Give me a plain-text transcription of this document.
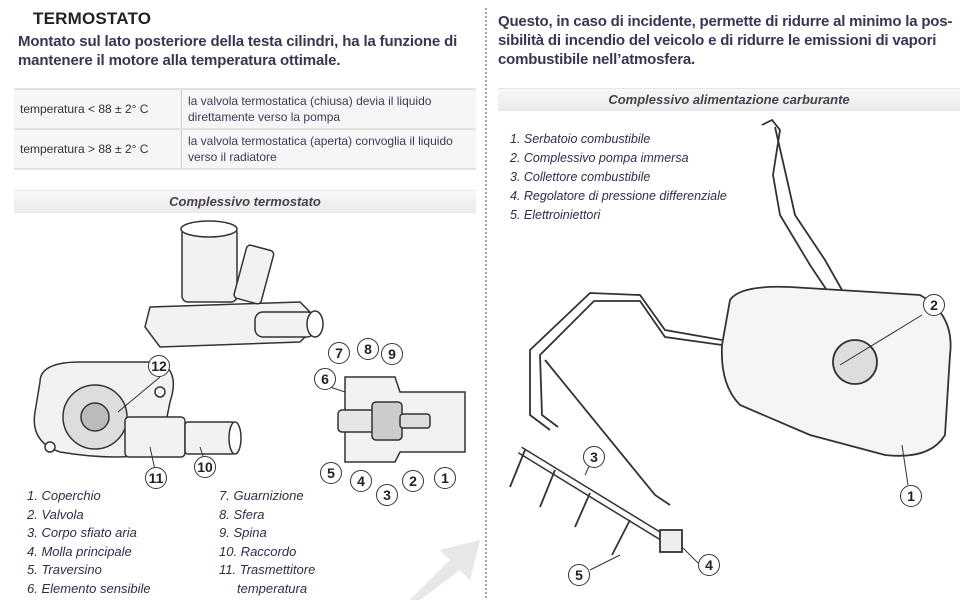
TERMOSTATO
Montato sul lato posteriore della testa cilindri, ha la funzione di mantenere il motore alla temperatura ottimale.
temperatura < 88 ± 2° C	la valvola termostatica (chiusa) devia il liquido direttamente verso la pompa
temperatura > 88 ± 2° C	la valvola termostatica (aperta) convoglia il liquido verso il radiatore
Complessivo termostato
12
11
10
7	8	9
6
5	4
3
2	1
1. Coperchio
2. Valvola
3. Corpo sfiato aria
4. Molla principale
5. Traversino
6. Elemento sensibile
7. Guarnizione
8. Sfera
9. Spina
10. Raccordo
11. Trasmettitore
temperatura
Questo, in caso di incidente, permette di ridurre al minimo la pos-sibilità di incendio del veicolo e di ridurre le emissioni di vapori combustibile nell’atmosfera.
Complessivo alimentazione carburante
1. Serbatoio combustibile
2. Complessivo pompa immersa
3. Collettore combustibile
4. Regolatore di pressione differenziale
5. Elettroiniettori
2
1
3
4
5
